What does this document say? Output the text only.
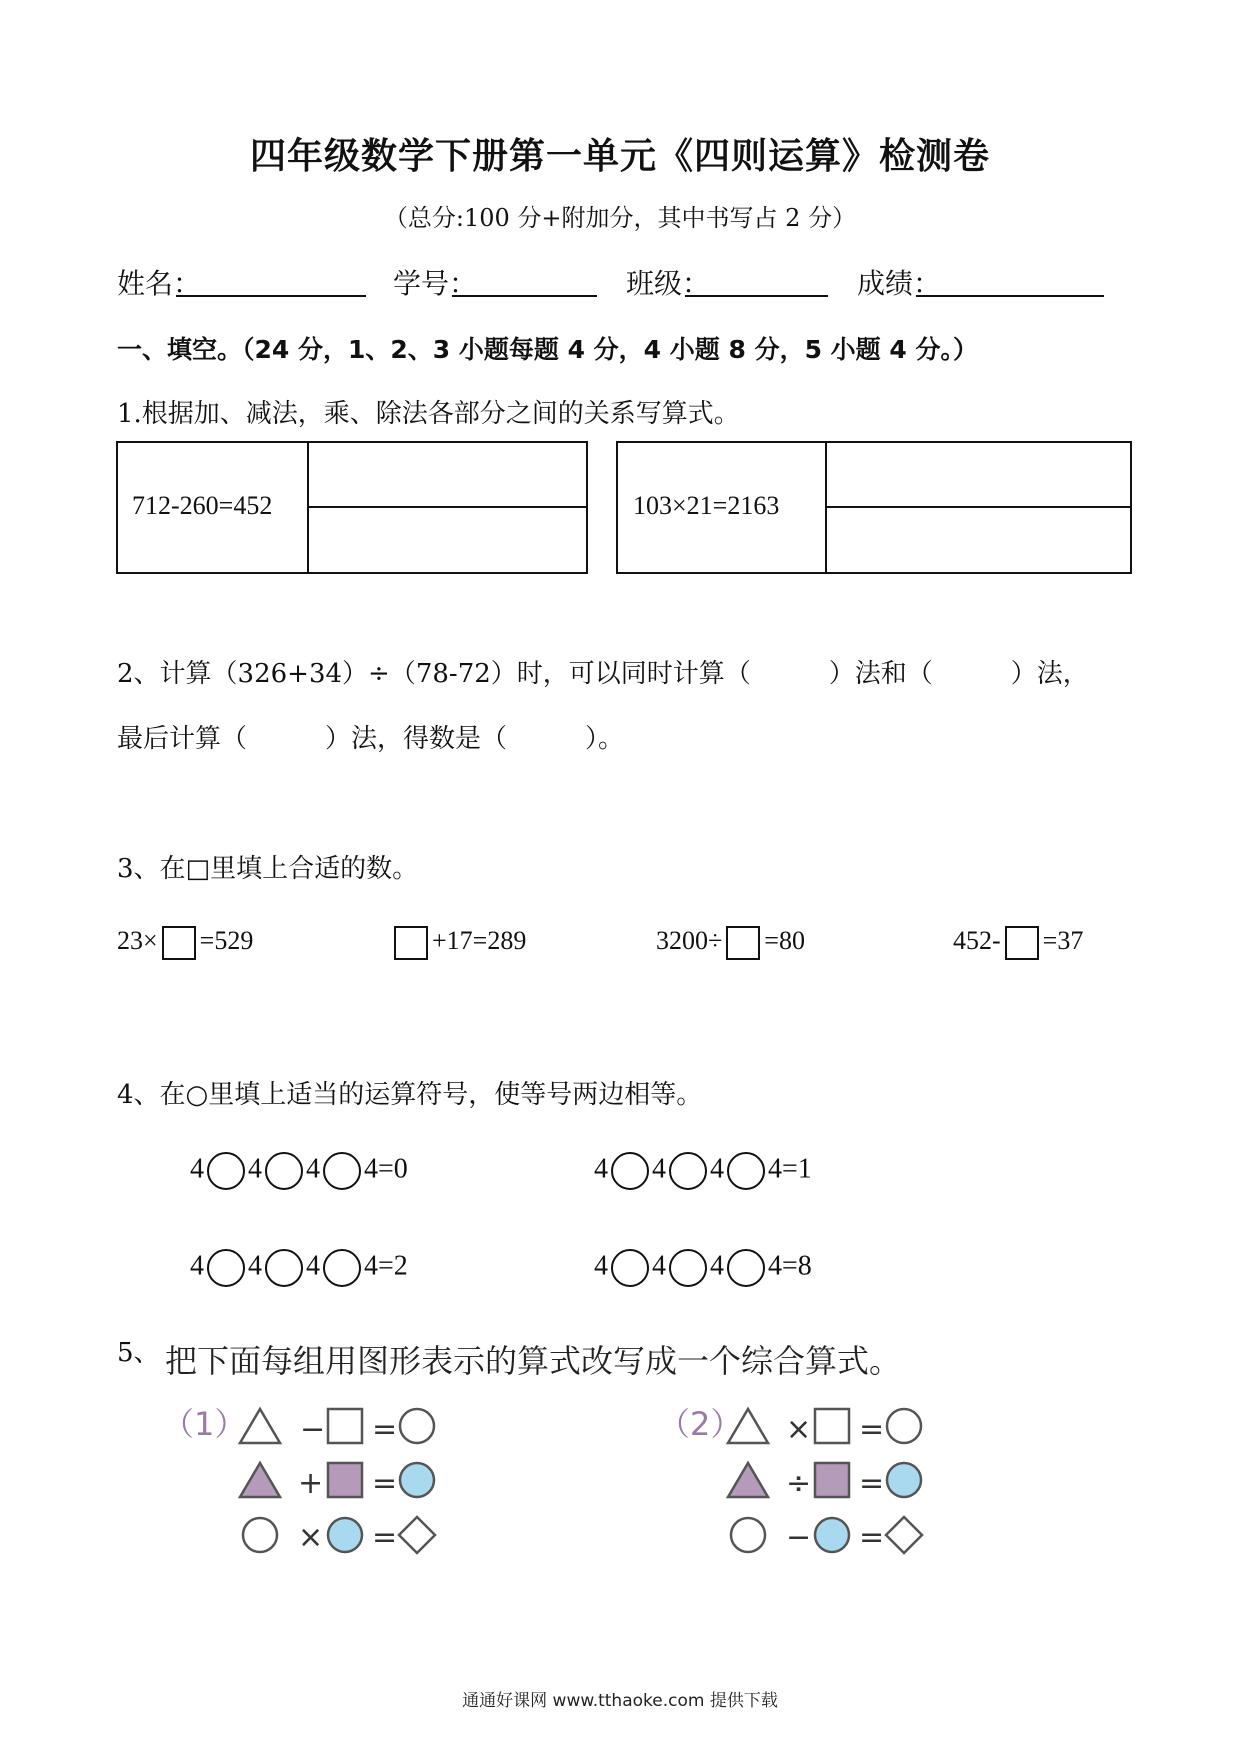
四年级数学下册第一单元《四则运算》检测卷
（总分:100 分+附加分，其中书写占 2 分）
姓名：	学号：	班级：	成绩：
一、填空。（24 分，1、2、3 小题每题 4 分，4 小题 8 分，5 小题 4 分。）
1.根据加、减法，乘、除法各部分之间的关系写算式。
712-260=452	103×21=2163
2、计算（326+34）÷（78-72）时，可以同时计算（　　　）法和（　　　）法，
最后计算（　　　）法，得数是（　　　）。
3、在□里填上合适的数。
23× =529	+17=289	3200÷ =80	452- =37
4、在○里填上适当的运算符号，使等号两边相等。
4 4 4 4=0	4 4 4 4=1
4 4 4 4=2	4 4 4 4=8
5、 把下面每组用图形表示的算式改写成一个综合算式。
（1） − =
+ =
× =
（2） × =
÷ =
− =
通通好课网 www.tthaoke.com 提供下载
